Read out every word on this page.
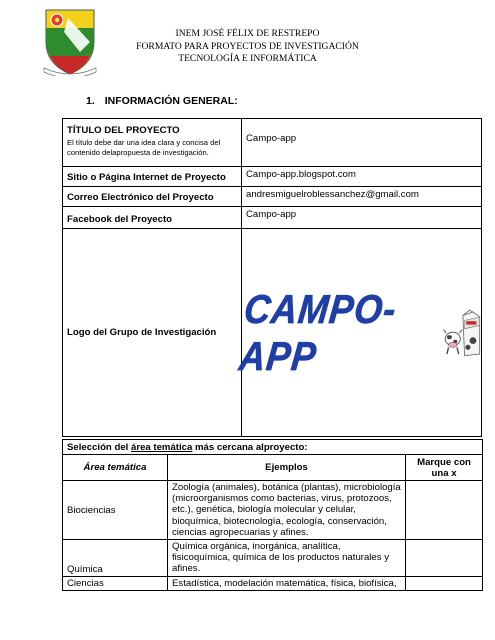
INEM JOSÉ FÉLIX DE RESTREPO
FORMATO PARA PROYECTOS DE INVESTIGACIÓN
TECNOLOGÍA E INFORMÁTICA
1. INFORMACIÓN GENERAL:
TÍTULO DEL PROYECTO
El título debe dar una idea clara y concisa del contenido delapropuesta de investigación.	Campo-app
Sitio o Página Internet de Proyecto	Campo-app.blogspot.com
Correo Electrónico del Proyecto	andresmiguelroblessanchez@gmail.com
Facebook del Proyecto	Campo-app
Logo del Grupo de Investigación	CAMPO-APP
Selección del área temática más cercana alproyecto:		
Área temática	Ejemplos	Marque con una x
Biociencias	Zoología (animales), botánica (plantas), microbiología (microorganismos como bacterias, virus, protozoos, etc.), genética, biología molecular y celular, bioquímica, biotecnología, ecología, conservación, ciencias agropecuarias y afines.	
Química	Química orgánica, inorgánica, analítica, fisicoquímica, química de los productos naturales y afines.	
Ciencias	Estadística, modelación matemática, física, biofísica,	
